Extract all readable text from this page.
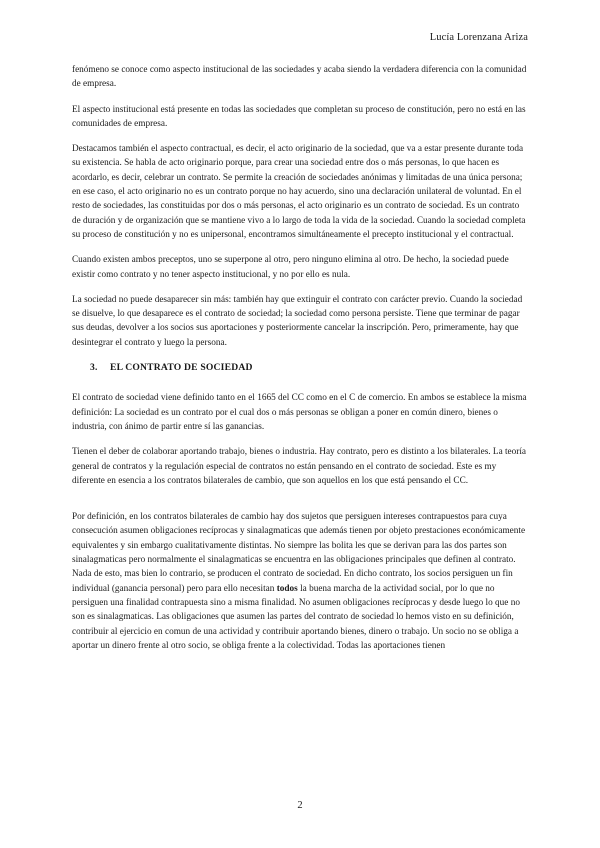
Lucía Lorenzana Ariza

fenómeno se conoce como aspecto institucional de las sociedades y acaba siendo la verdadera diferencia con la comunidad de empresa.

El aspecto institucional está presente en todas las sociedades que completan su proceso de constitución, pero no está en las comunidades de empresa.

Destacamos también el aspecto contractual, es decir, el acto originario de la sociedad, que va a estar presente durante toda su existencia. Se habla de acto originario porque, para crear una sociedad entre dos o más personas, lo que hacen es acordarlo, es decir, celebrar un contrato. Se permite la creación de sociedades anónimas y limitadas de una única persona; en ese caso, el acto originario no es un contrato porque no hay acuerdo, sino una declaración unilateral de voluntad. En el resto de sociedades, las constituidas por dos o más personas, el acto originario es un contrato de sociedad. Es un contrato de duración y de organización que se mantiene vivo a lo largo de toda la vida de la sociedad. Cuando la sociedad completa su proceso de constitución y no es unipersonal, encontramos simultáneamente el precepto institucional y el contractual.

Cuando existen ambos preceptos, uno se superpone al otro, pero ninguno elimina al otro. De hecho, la sociedad puede existir como contrato y no tener aspecto institucional, y no por ello es nula.

La sociedad no puede desaparecer sin más: también hay que extinguir el contrato con carácter previo. Cuando la sociedad se disuelve, lo que desaparece es el contrato de sociedad; la sociedad como persona persiste. Tiene que terminar de pagar sus deudas, devolver a los socios sus aportaciones y posteriormente cancelar la inscripción. Pero, primeramente, hay que desintegrar el contrato y luego la persona.

3. EL CONTRATO DE SOCIEDAD

El contrato de sociedad viene definido tanto en el 1665 del CC como en el C de comercio. En ambos se establece la misma definición: La sociedad es un contrato por el cual dos o más personas se obligan a poner en común dinero, bienes o industria, con ánimo de partir entre sí las ganancias.

Tienen el deber de colaborar aportando trabajo, bienes o industria. Hay contrato, pero es distinto a los bilaterales. La teoría general de contratos y la regulación especial de contratos no están pensando en el contrato de sociedad. Este es my diferente en esencia a los contratos bilaterales de cambio, que son aquellos en los que está pensando el CC.

Por definición, en los contratos bilaterales de cambio hay dos sujetos que persiguen intereses contrapuestos para cuya consecución asumen obligaciones recíprocas y sinalagmaticas que además tienen por objeto prestaciones económicamente equivalentes y sin embargo cualitativamente distintas. No siempre las bolita les que se derivan para las dos partes son sinalagmaticas pero normalmente el sinalagmaticas se encuentra en las obligaciones principales que definen al contrato.

Nada de esto, mas bien lo contrario, se producen el contrato de sociedad. En dicho contrato, los socios persiguen un fin individual (ganancia personal) pero para ello necesitan todos la buena marcha de la actividad social, por lo que no persiguen una finalidad contrapuesta sino a misma finalidad. No asumen obligaciones recíprocas y desde luego lo que no son es sinalagmaticas. Las obligaciones que asumen las partes del contrato de sociedad lo hemos visto en su definición, contribuir al ejercicio en comun de una actividad y contribuir aportando bienes, dinero o trabajo. Un socio no se obliga a aportar un dinero frente al otro socio, se obliga frente a la colectividad. Todas las aportaciones tienen

2
